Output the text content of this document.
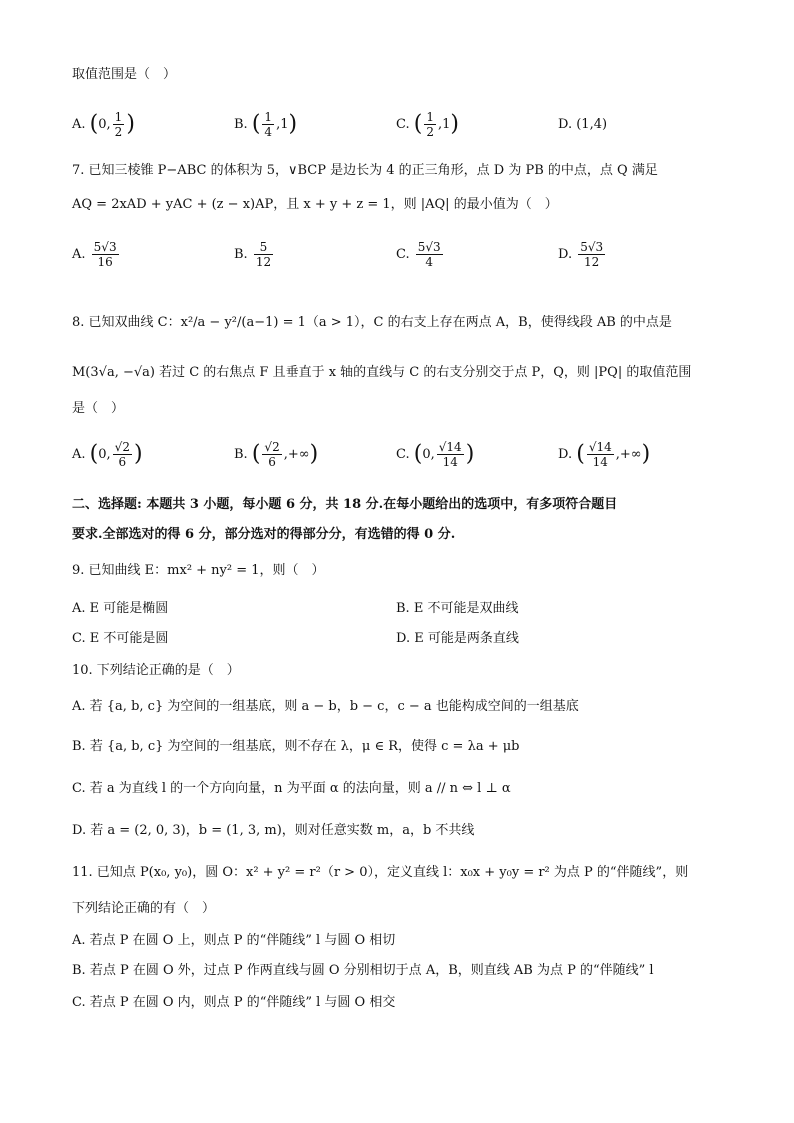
取值范围是（　）
A. (0, $\frac{1}{2}$ )	B. ( $\frac{1}{4} ,1$)	C. ( $\frac{1}{2} ,1$)	D. (1,4)
7. 已知三棱锥 P−ABC 的体积为 5，∨BCP 是边长为 4 的正三角形，点 D 为 PB 的中点，点 Q 满足
AQ = 2xAD + yAC + (z − x)AP，且 x + y + z = 1，则 |AQ| 的最小值为（　）
A. $\frac{5√3}{16}$	B. $\frac{5}{12}$	C. $\frac{5√3}{4}$	D. $\frac{5√3}{12}$
8. 已知双曲线 C：x²/a − y²/(a−1) = 1（a > 1），C 的右支上存在两点 A，B，使得线段 AB 的中点是
M(3√a, −√a) 若过 C 的右焦点 F 且垂直于 x 轴的直线与 C 的右支分别交于点 P，Q，则 |PQ| 的取值范围
是（　）
A. (0, $\frac{√2}{6}$ )	B. ( $\frac{√2}{6}$ ,+∞)	C. (0, $\frac{√14}{14}$ )	D. ( $\frac{√14}{14}$ ,+∞)
二、选择题: 本题共 3 小题，每小题 6 分，共 18 分.在每小题给出的选项中，有多项符合题目
要求.全部选对的得 6 分，部分选对的得部分分，有选错的得 0 分.
9. 已知曲线 E：mx² + ny² = 1，则（　）
A. E 可能是椭圆	B. E 不可能是双曲线
C. E 不可能是圆	D. E 可能是两条直线
10. 下列结论正确的是（　）
A. 若 {a, b, c} 为空间的一组基底，则 a − b，b − c，c − a 也能构成空间的一组基底
B. 若 {a, b, c} 为空间的一组基底，则不存在 λ，μ ∈ R，使得 c = λa + μb
C. 若 a 为直线 l 的一个方向向量，n 为平面 α 的法向量，则 a // n ⇔ l ⊥ α
D. 若 a = (2, 0, 3)，b = (1, 3, m)，则对任意实数 m，a，b 不共线
11. 已知点 P(x₀, y₀)，圆 O：x² + y² = r²（r > 0），定义直线 l：x₀x + y₀y = r² 为点 P 的“伴随线”，则
下列结论正确的有（　）
A. 若点 P 在圆 O 上，则点 P 的“伴随线” l 与圆 O 相切
B. 若点 P 在圆 O 外，过点 P 作两直线与圆 O 分别相切于点 A，B，则直线 AB 为点 P 的“伴随线” l
C. 若点 P 在圆 O 内，则点 P 的“伴随线” l 与圆 O 相交
